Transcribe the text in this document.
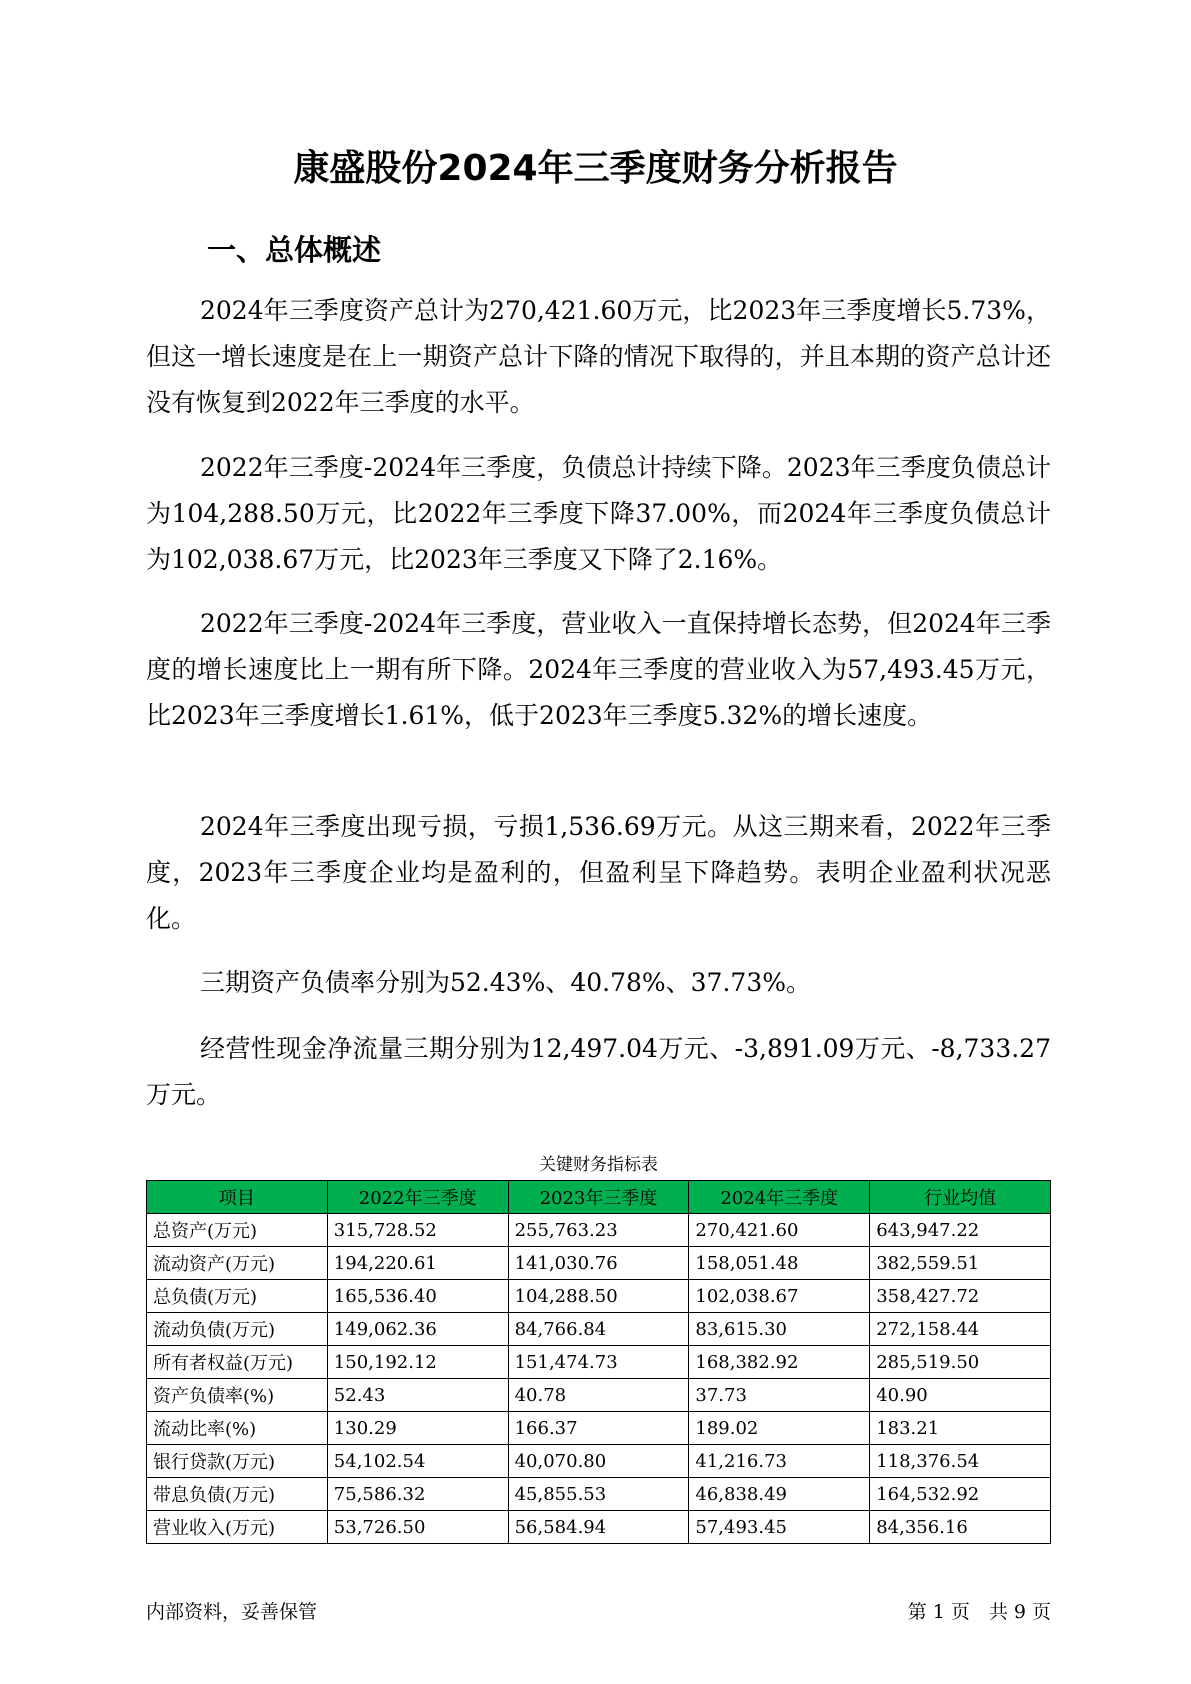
康盛股份2024年三季度财务分析报告
一、总体概述

2024年三季度资产总计为270,421.60万元，比2023年三季度增长5.73%，但这一增长速度是在上一期资产总计下降的情况下取得的，并且本期的资产总计还没有恢复到2022年三季度的水平。

2022年三季度-2024年三季度，负债总计持续下降。2023年三季度负债总计为104,288.50万元，比2022年三季度下降37.00%，而2024年三季度负债总计为102,038.67万元，比2023年三季度又下降了2.16%。

2022年三季度-2024年三季度，营业收入一直保持增长态势，但2024年三季度的增长速度比上一期有所下降。2024年三季度的营业收入为57,493.45万元，比2023年三季度增长1.61%，低于2023年三季度5.32%的增长速度。

2024年三季度出现亏损，亏损1,536.69万元。从这三期来看，2022年三季度，2023年三季度企业均是盈利的，但盈利呈下降趋势。表明企业盈利状况恶化。

三期资产负债率分别为52.43%、40.78%、37.73%。

经营性现金净流量三期分别为12,497.04万元、-3,891.09万元、-8,733.27万元。

关键财务指标表
项目	2022年三季度	2023年三季度	2024年三季度	行业均值
总资产(万元)	315,728.52	255,763.23	270,421.60	643,947.22
流动资产(万元)	194,220.61	141,030.76	158,051.48	382,559.51
总负债(万元)	165,536.40	104,288.50	102,038.67	358,427.72
流动负债(万元)	149,062.36	84,766.84	83,615.30	272,158.44
所有者权益(万元)	150,192.12	151,474.73	168,382.92	285,519.50
资产负债率(%)	52.43	40.78	37.73	40.90
流动比率(%)	130.29	166.37	189.02	183.21
银行贷款(万元)	54,102.54	40,070.80	41,216.73	118,376.54
带息负债(万元)	75,586.32	45,855.53	46,838.49	164,532.92
营业收入(万元)	53,726.50	56,584.94	57,493.45	84,356.16
内部资料，妥善保管	第 1 页　共 9 页
